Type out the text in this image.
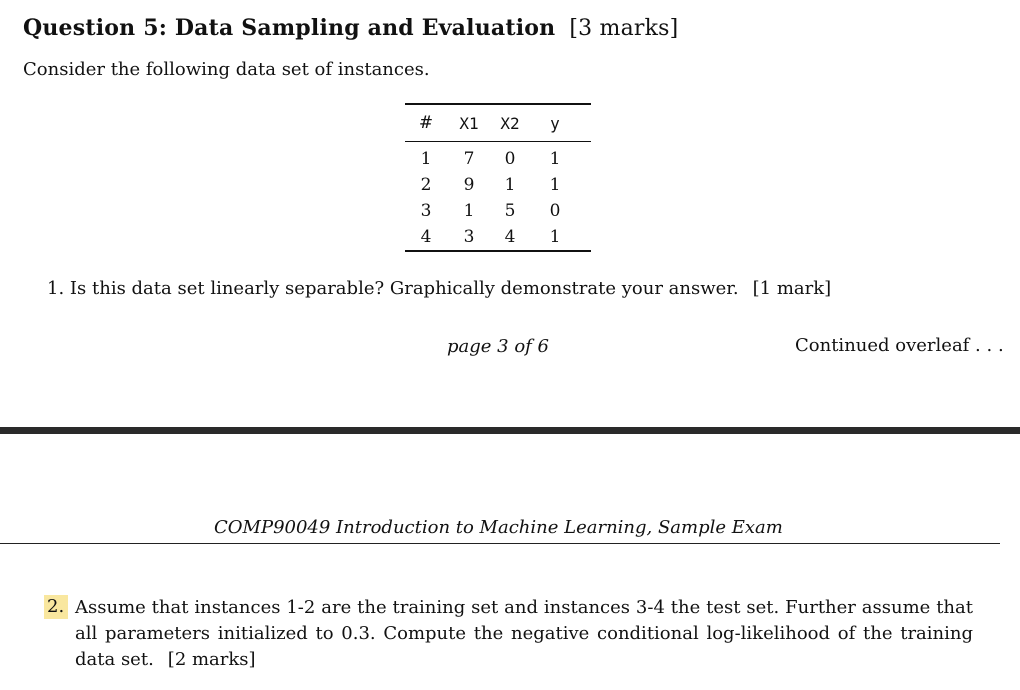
Question 5: Data Sampling and Evaluation [3 marks]
Consider the following data set of instances.
#	X1	X2	y
1	7	0	1
2	9	1	1
3	1	5	0
4	3	4	1
1. Is this data set linearly separable? Graphically demonstrate your answer. [1 mark]
page 3 of 6	Continued overleaf . . .
COMP90049 Introduction to Machine Learning, Sample Exam
2. Assume that instances 1-2 are the training set and instances 3-4 the test set. Further assume that all parameters initialized to 0.3. Compute the negative conditional log-likelihood of the training data set. [2 marks]
